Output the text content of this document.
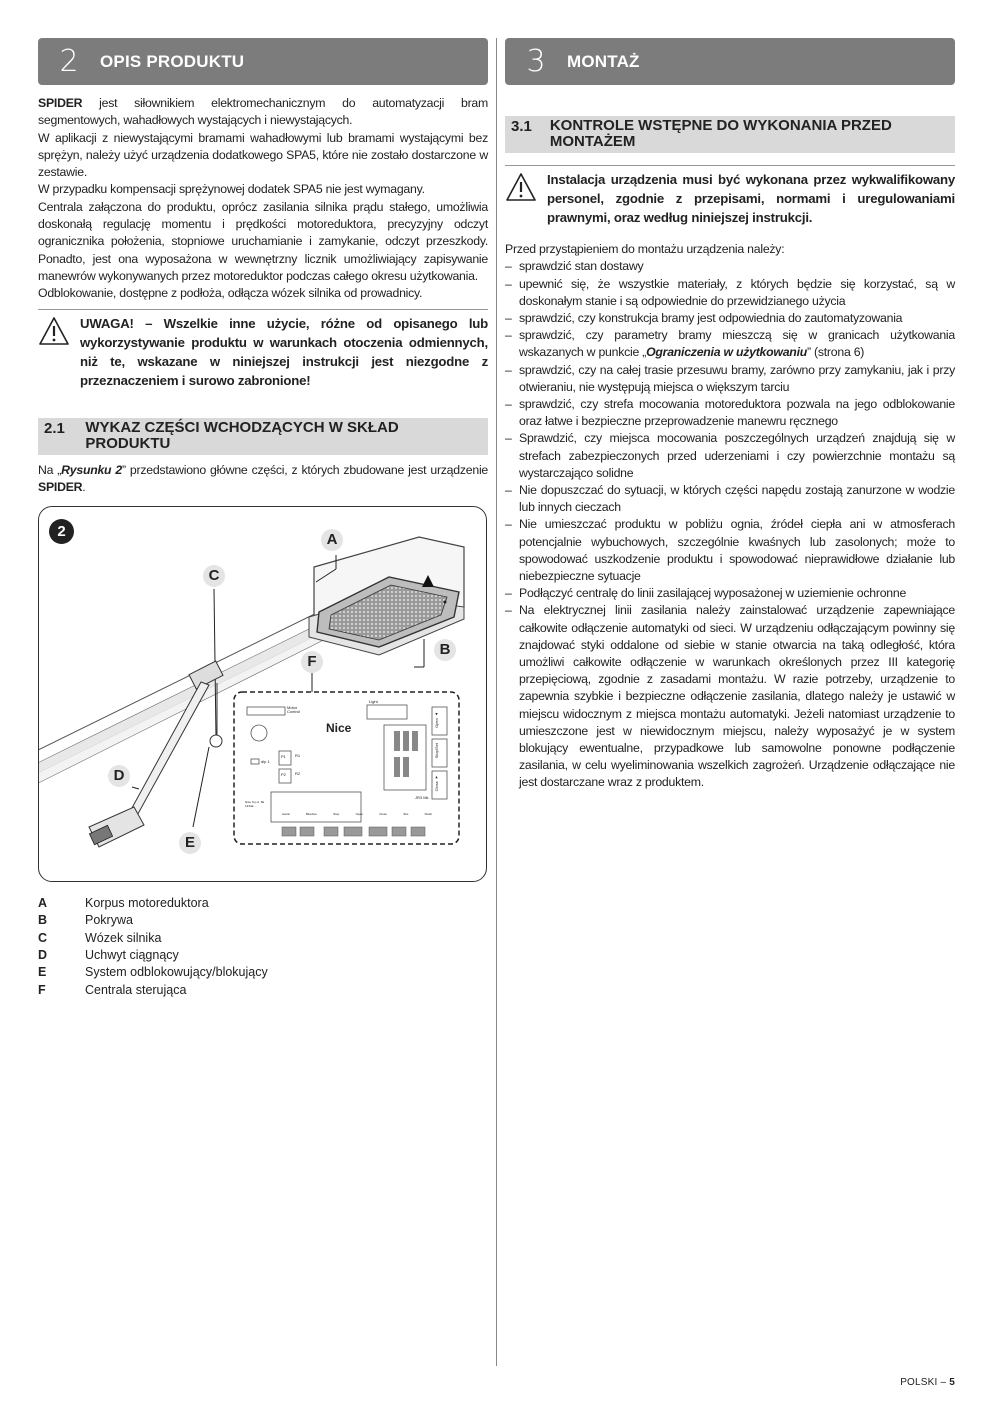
2	OPIS PRODUKTU

SPIDER jest siłownikiem elektromechanicznym do automatyzacji bram segmentowych, wahadłowych wystających i niewystających.

W aplikacji z niewystającymi bramami wahadłowymi lub bramami wystającymi bez sprężyn, należy użyć urządzenia dodatkowego SPA5, które nie zostało dostarczone w zestawie.

W przypadku kompensacji sprężynowej dodatek SPA5 nie jest wymagany.

Centrala załączona do produktu, oprócz zasilania silnika prądu stałego, umożliwia doskonałą regulację momentu i prędkości motoreduktora, precyzyjny odczyt ogranicznika położenia, stopniowe uruchamianie i zamykanie, odczyt przeszkody. Ponadto, jest ona wyposażona w wewnętrzny licznik umożliwiający zapisywanie manewrów wykonywanych przez motoreduktor podczas całego okresu użytkowania.

Odblokowanie, dostępne z podłoża, odłącza wózek silnika od prowadnicy.

UWAGA! – Wszelkie inne użycie, różne od opisanego lub wykorzystywanie produktu w warunkach otoczenia odmiennych, niż te, wskazane w niniejszej instrukcji jest niezgodne z przeznaczeniem i surowo zabronione!
2.1	WYKAZ CZĘŚCI WCHODZĄCYCH W SKŁAD PRODUKTU

Na „Rysunku 2” przedstawiono główne części, z których zbudowane jest urządzenie SPIDER.

2	A
C
B
F
D
E
Nice
Motor Control
Light
Open ▲
Stop/Set
Close ▼
P1
P2
R1
R2
dip 1
Nice S.p.A. 8a 1234a...
JR3 Mk
Aerial	Bluebus	Stop	Open	Close	Sbs	Flash
A	Korpus motoreduktora
B	Pokrywa
C	Wózek silnika
D	Uchwyt ciągnący
E	System odblokowujący/blokujący
F	Centrala sterująca
3	MONTAŻ
3.1	KONTROLE WSTĘPNE DO WYKONANIA PRZED MONTAŻEM
Instalacja urządzenia musi być wykonana przez wykwalifikowany personel, zgodnie z przepisami, normami i uregulowaniami prawnymi, oraz według niniejszej instrukcji.

Przed przystąpieniem do montażu urządzenia należy:

– sprawdzić stan dostawy
– upewnić się, że wszystkie materiały, z których będzie się korzystać, są w doskonałym stanie i są odpowiednie do przewidzianego użycia
– sprawdzić, czy konstrukcja bramy jest odpowiednia do zautomatyzowania
– sprawdzić, czy parametry bramy mieszczą się w granicach użytkowania wskazanych w punkcie „Ograniczenia w użytkowaniu” (strona 6)
– sprawdzić, czy na całej trasie przesuwu bramy, zarówno przy zamykaniu, jak i przy otwieraniu, nie występują miejsca o większym tarciu
– sprawdzić, czy strefa mocowania motoreduktora pozwala na jego odblokowanie oraz łatwe i bezpieczne przeprowadzenie manewru ręcznego
– Sprawdzić, czy miejsca mocowania poszczególnych urządzeń znajdują się w strefach zabezpieczonych przed uderzeniami i czy powierzchnie montażu są wystarczająco solidne
– Nie dopuszczać do sytuacji, w których części napędu zostają zanurzone w wodzie lub innych cieczach
– Nie umieszczać produktu w pobliżu ognia, źródeł ciepła ani w atmosferach potencjalnie wybuchowych, szczególnie kwaśnych lub zasolonych; może to spowodować uszkodzenie produktu i spowodować nieprawidłowe działanie lub niebezpieczne sytuacje
– Podłączyć centralę do linii zasilającej wyposażonej w uziemienie ochronne
– Na elektrycznej linii zasilania należy zainstalować urządzenie zapewniające całkowite odłączenie automatyki od sieci. W urządzeniu odłączającym powinny się znajdować styki oddalone od siebie w stanie otwarcia na taką odległość, która umożliwi całkowite odłączenie w warunkach określonych przez III kategorię przepięciową, zgodnie z zasadami montażu. W razie potrzeby, urządzenie to zapewnia szybkie i bezpieczne odłączenie zasilania, dlatego należy je ustawić w miejscu widocznym z miejsca montażu automatyki. Jeżeli natomiast urządzenie to umieszczone jest w niewidocznym miejscu, należy wyposażyć je w system blokujący ewentualne, przypadkowe lub samowolne ponowne podłączenie zasilania, w celu wyeliminowania wszelkich zagrożeń. Urządzenie odłączające nie jest dostarczane wraz z produktem.
POLSKI – 5
